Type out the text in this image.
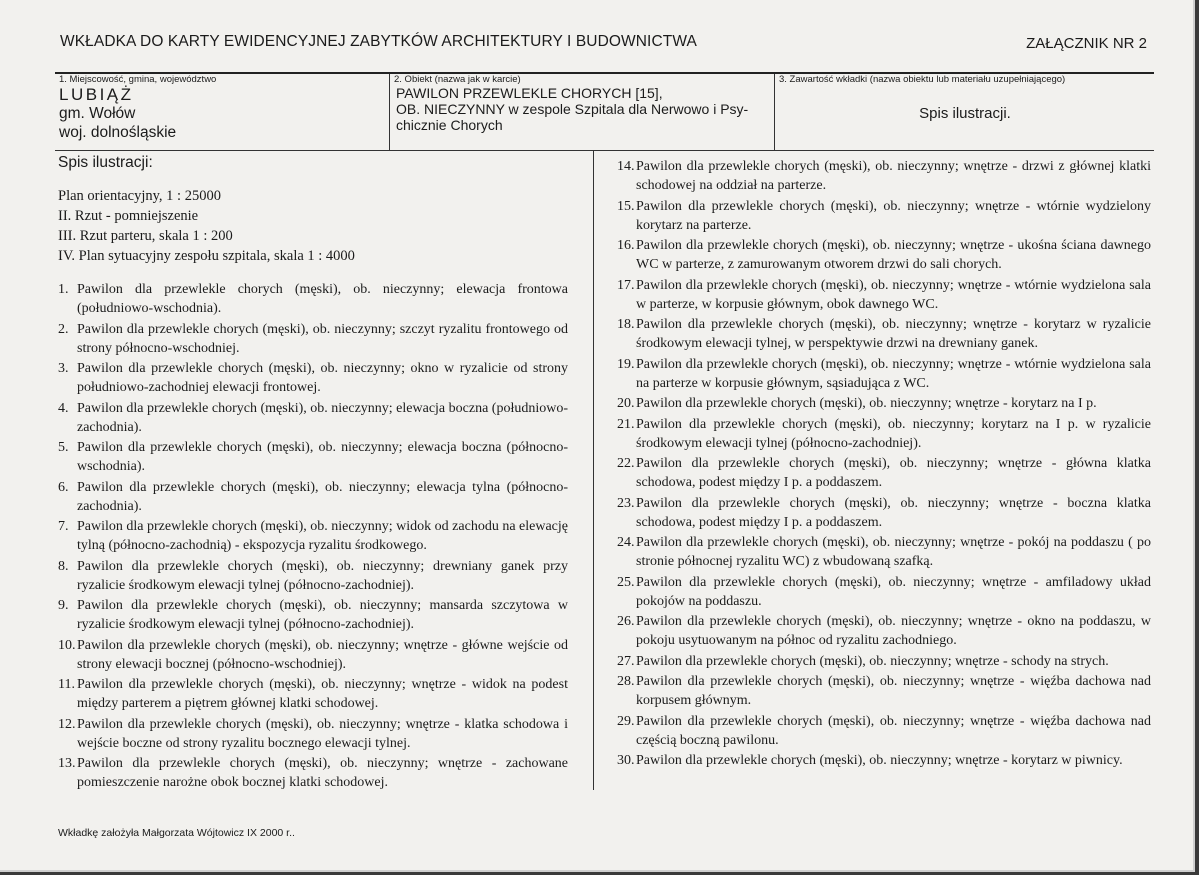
WKŁADKA DO KARTY EWIDENCYJNEJ ZABYTKÓW ARCHITEKTURY I BUDOWNICTWA	ZAŁĄCZNIK NR 2
1. Miejscowość, gmina, województwo
LUBIĄŻ
gm. Wołów
woj. dolnośląskie
2. Obiekt (nazwa jak w karcie)
PAWILON PRZEWLEKLE CHORYCH [15],
OB. NIECZYNNY w zespole Szpitala dla Nerwowo i Psy-
chicznie Chorych
3. Zawartość wkładki (nazwa obiektu lub materiału uzupełniającego)
Spis ilustracji.
Spis ilustracji:
Plan orientacyjny, 1 : 25000
II. Rzut - pomniejszenie
III. Rzut parteru, skala 1 : 200
IV. Plan sytuacyjny zespołu szpitala, skala 1 : 4000
1. Pawilon dla przewlekle chorych (męski), ob. nieczynny; elewacja frontowa (południowo-wschodnia).
2. Pawilon dla przewlekle chorych (męski), ob. nieczynny; szczyt ryzalitu frontowego od strony północno-wschodniej.
3. Pawilon dla przewlekle chorych (męski), ob. nieczynny; okno w ryzalicie od strony południowo-zachodniej elewacji frontowej.
4. Pawilon dla przewlekle chorych (męski), ob. nieczynny; elewacja boczna (południowo-zachodnia).
5. Pawilon dla przewlekle chorych (męski), ob. nieczynny; elewacja boczna (północno-wschodnia).
6. Pawilon dla przewlekle chorych (męski), ob. nieczynny; elewacja tylna (północno-zachodnia).
7. Pawilon dla przewlekle chorych (męski), ob. nieczynny; widok od zachodu na elewację tylną (północno-zachodnią) - ekspozycja ryzalitu środkowego.
8. Pawilon dla przewlekle chorych (męski), ob. nieczynny; drewniany ganek przy ryzalicie środkowym elewacji tylnej (północno-zachodniej).
9. Pawilon dla przewlekle chorych (męski), ob. nieczynny; mansarda szczytowa w ryzalicie środkowym elewacji tylnej (północno-zachodniej).
10. Pawilon dla przewlekle chorych (męski), ob. nieczynny; wnętrze - główne wejście od strony elewacji bocznej (północno-wschodniej).
11. Pawilon dla przewlekle chorych (męski), ob. nieczynny; wnętrze - widok na podest między parterem a piętrem głównej klatki schodowej.
12. Pawilon dla przewlekle chorych (męski), ob. nieczynny; wnętrze - klatka schodowa i wejście boczne od strony ryzalitu bocznego elewacji tylnej.
13. Pawilon dla przewlekle chorych (męski), ob. nieczynny; wnętrze - zachowane pomieszczenie narożne obok bocznej klatki schodowej.
14. Pawilon dla przewlekle chorych (męski), ob. nieczynny; wnętrze - drzwi z głównej klatki schodowej na oddział na parterze.
15. Pawilon dla przewlekle chorych (męski), ob. nieczynny; wnętrze - wtórnie wydzielony korytarz na parterze.
16. Pawilon dla przewlekle chorych (męski), ob. nieczynny; wnętrze - ukośna ściana dawnego WC w parterze, z zamurowanym otworem drzwi do sali chorych.
17. Pawilon dla przewlekle chorych (męski), ob. nieczynny; wnętrze - wtórnie wydzielona sala w parterze, w korpusie głównym, obok dawnego WC.
18. Pawilon dla przewlekle chorych (męski), ob. nieczynny; wnętrze - korytarz w ryzalicie środkowym elewacji tylnej, w perspektywie drzwi na drewniany ganek.
19. Pawilon dla przewlekle chorych (męski), ob. nieczynny; wnętrze - wtórnie wydzielona sala na parterze w korpusie głównym, sąsiadująca z WC.
20. Pawilon dla przewlekle chorych (męski), ob. nieczynny; wnętrze - korytarz na I p.
21. Pawilon dla przewlekle chorych (męski), ob. nieczynny; korytarz na I p. w ryzalicie środkowym elewacji tylnej (północno-zachodniej).
22. Pawilon dla przewlekle chorych (męski), ob. nieczynny; wnętrze - główna klatka schodowa, podest między I p. a poddaszem.
23. Pawilon dla przewlekle chorych (męski), ob. nieczynny; wnętrze - boczna klatka schodowa, podest między I p. a poddaszem.
24. Pawilon dla przewlekle chorych (męski), ob. nieczynny; wnętrze - pokój na poddaszu ( po stronie północnej ryzalitu WC) z wbudowaną szafką.
25. Pawilon dla przewlekle chorych (męski), ob. nieczynny; wnętrze - amfiladowy układ pokojów na poddaszu.
26. Pawilon dla przewlekle chorych (męski), ob. nieczynny; wnętrze - okno na poddaszu, w pokoju usytuowanym na północ od ryzalitu zachodniego.
27. Pawilon dla przewlekle chorych (męski), ob. nieczynny; wnętrze - schody na strych.
28. Pawilon dla przewlekle chorych (męski), ob. nieczynny; wnętrze - więźba dachowa nad korpusem głównym.
29. Pawilon dla przewlekle chorych (męski), ob. nieczynny; wnętrze - więźba dachowa nad częścią boczną pawilonu.
30. Pawilon dla przewlekle chorych (męski), ob. nieczynny; wnętrze - korytarz w piwnicy.
Wkładkę założyła Małgorzata Wójtowicz IX 2000 r..
